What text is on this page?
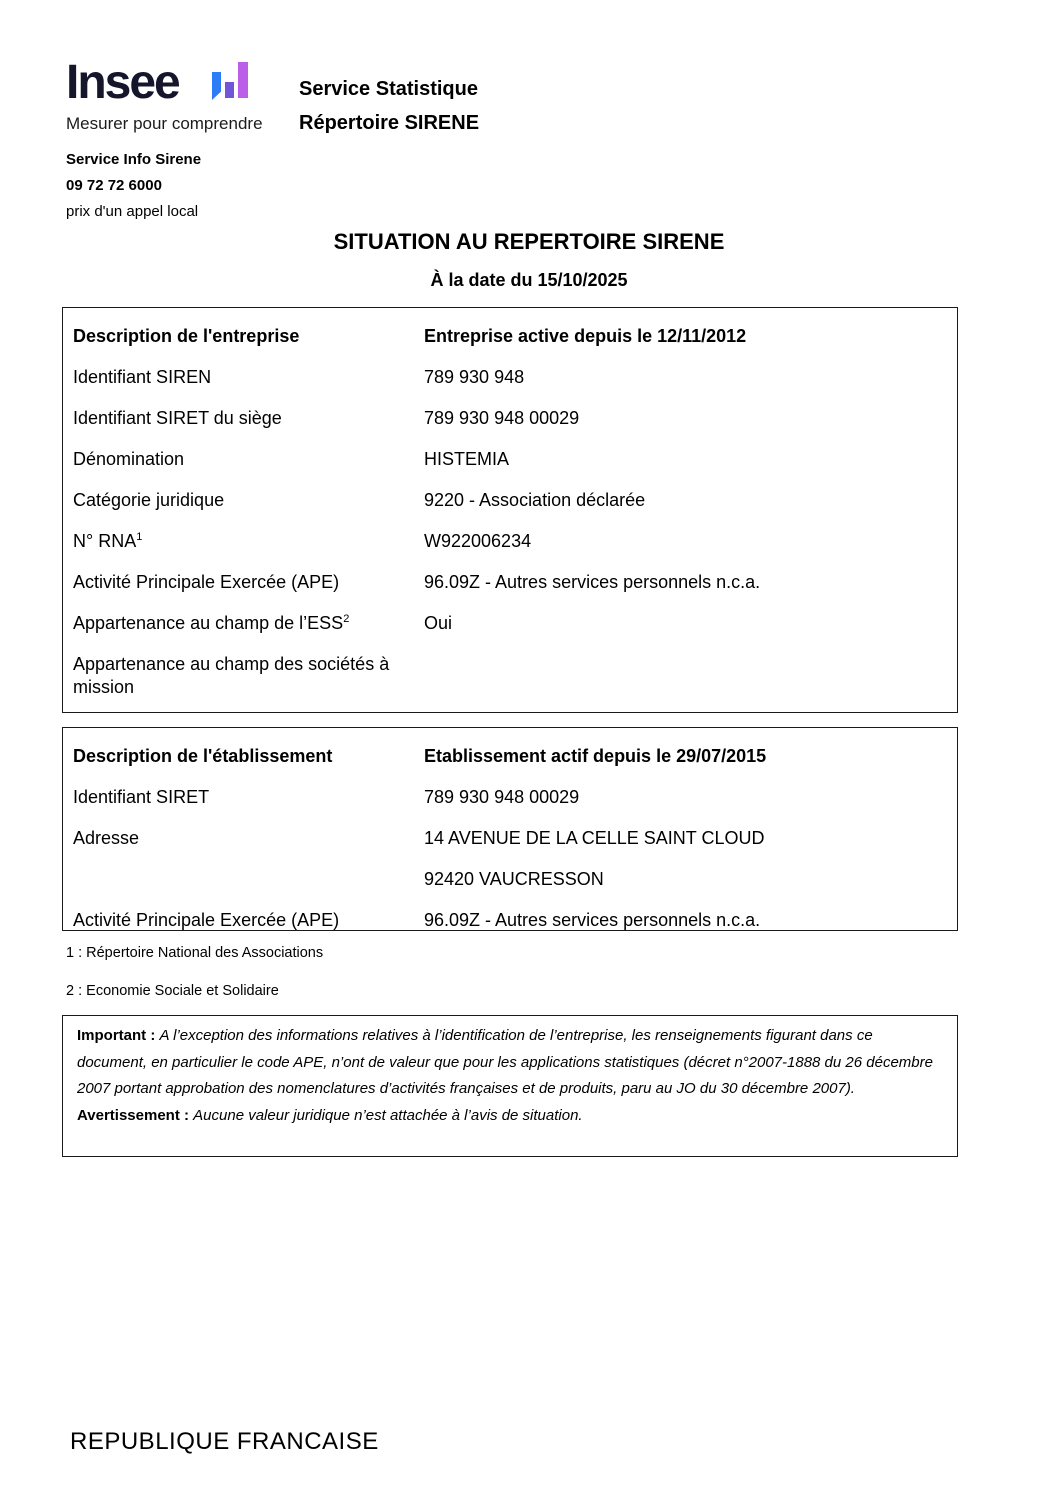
Insee
Mesurer pour comprendre
Service Info Sirene
09 72 72 6000
prix d'un appel local
Service Statistique
Répertoire SIRENE
SITUATION AU REPERTOIRE SIRENE
À la date du 15/10/2025
Description de l'entreprise	Entreprise active depuis le 12/11/2012
Identifiant SIREN	789 930 948
Identifiant SIRET du siège	789 930 948 00029
Dénomination	HISTEMIA
Catégorie juridique	9220 - Association déclarée
N° RNA$^1$	W922006234
Activité Principale Exercée (APE)	96.09Z - Autres services personnels n.c.a.
Appartenance au champ de l’ESS$^2$	Oui
Appartenance au champ des sociétés à mission
Description de l'établissement	Etablissement actif depuis le 29/07/2015
Identifiant SIRET	789 930 948 00029
Adresse	14 AVENUE DE LA CELLE SAINT CLOUD
92420 VAUCRESSON
Activité Principale Exercée (APE)	96.09Z - Autres services personnels n.c.a.
1 : Répertoire National des Associations
2 : Economie Sociale et Solidaire

Important : A l’exception des informations relatives à l’identification de l’entreprise, les renseignements figurant dans ce document, en particulier le code APE, n’ont de valeur que pour les applications statistiques (décret n°2007-1888 du 26 décembre 2007 portant approbation des nomenclatures d’activités françaises et de produits, paru au JO du 30 décembre 2007).

Avertissement : Aucune valeur juridique n’est attachée à l’avis de situation.

REPUBLIQUE FRANCAISE
